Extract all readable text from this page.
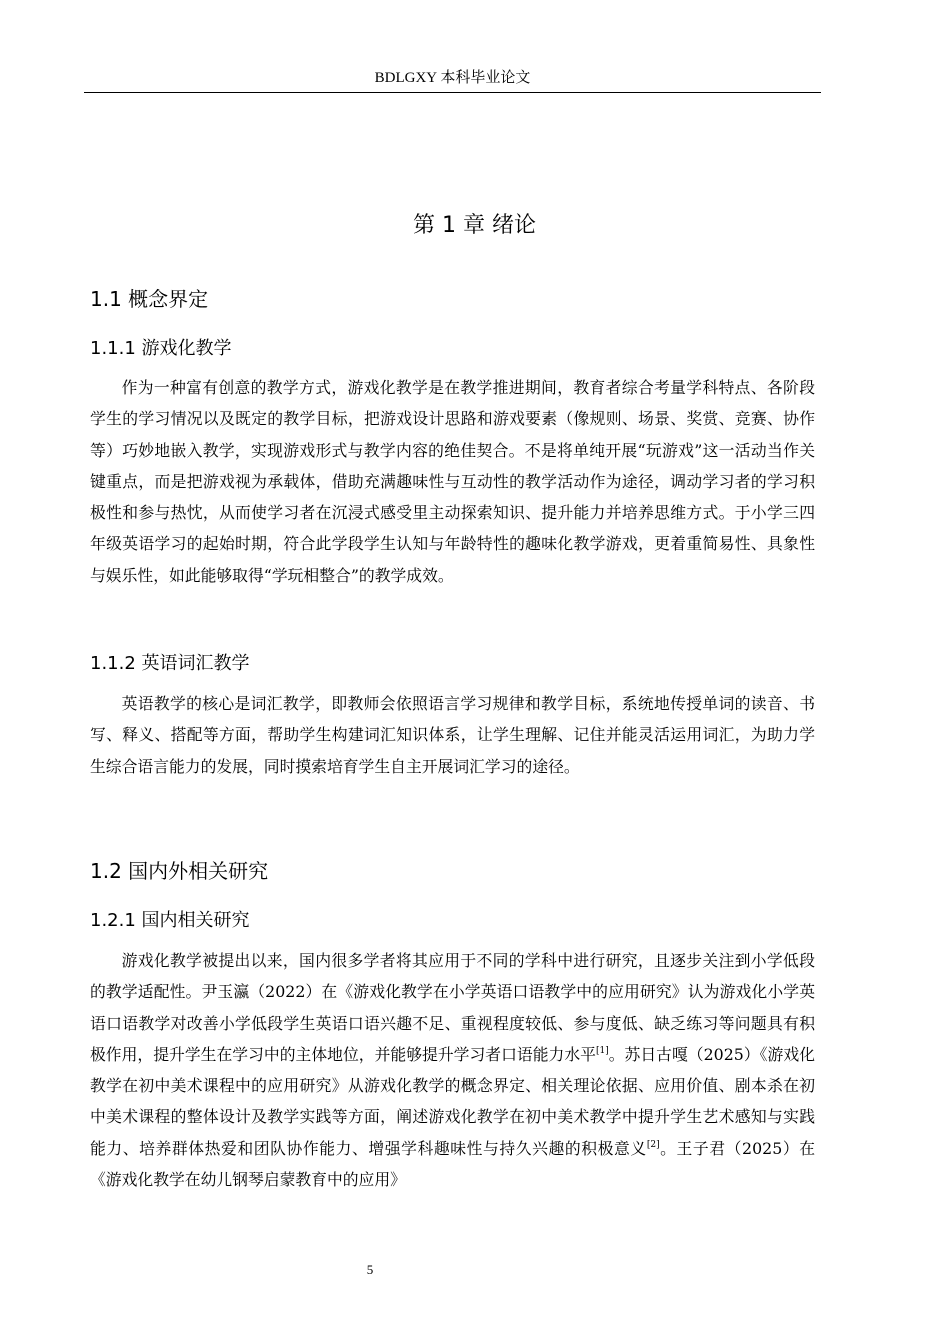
BDLGXY 本科毕业论文
第 1 章 绪论
1.1 概念界定
1.1.1 游戏化教学
作为一种富有创意的教学方式，游戏化教学是在教学推进期间，教育者综合考量学科特点、各阶段学生的学习情况以及既定的教学目标，把游戏设计思路和游戏要素（像规则、场景、奖赏、竞赛、协作等）巧妙地嵌入教学，实现游戏形式与教学内容的绝佳契合。不是将单纯开展“玩游戏”这一活动当作关键重点，而是把游戏视为承载体，借助充满趣味性与互动性的教学活动作为途径，调动学习者的学习积极性和参与热忱，从而使学习者在沉浸式感受里主动探索知识、提升能力并培养思维方式。于小学三四年级英语学习的起始时期，符合此学段学生认知与年龄特性的趣味化教学游戏，更着重简易性、具象性与娱乐性，如此能够取得“学玩相整合”的教学成效。
1.1.2 英语词汇教学
英语教学的核心是词汇教学，即教师会依照语言学习规律和教学目标，系统地传授单词的读音、书写、释义、搭配等方面，帮助学生构建词汇知识体系，让学生理解、记住并能灵活运用词汇，为助力学生综合语言能力的发展，同时摸索培育学生自主开展词汇学习的途径。
1.2 国内外相关研究
1.2.1 国内相关研究
游戏化教学被提出以来，国内很多学者将其应用于不同的学科中进行研究，且逐步关注到小学低段的教学适配性。尹玉瀛（2022）在《游戏化教学在小学英语口语教学中的应用研究》认为游戏化小学英语口语教学对改善小学低段学生英语口语兴趣不足、重视程度较低、参与度低、缺乏练习等问题具有积极作用，提升学生在学习中的主体地位，并能够提升学习者口语能力水平[1]。苏日古嘎（2025）《游戏化教学在初中美术课程中的应用研究》从游戏化教学的概念界定、相关理论依据、应用价值、剧本杀在初中美术课程的整体设计及教学实践等方面，阐述游戏化教学在初中美术教学中提升学生艺术感知与实践能力、培养群体热爱和团队协作能力、增强学科趣味性与持久兴趣的积极意义[2]。王子君（2025）在《游戏化教学在幼儿钢琴启蒙教育中的应用》
5
